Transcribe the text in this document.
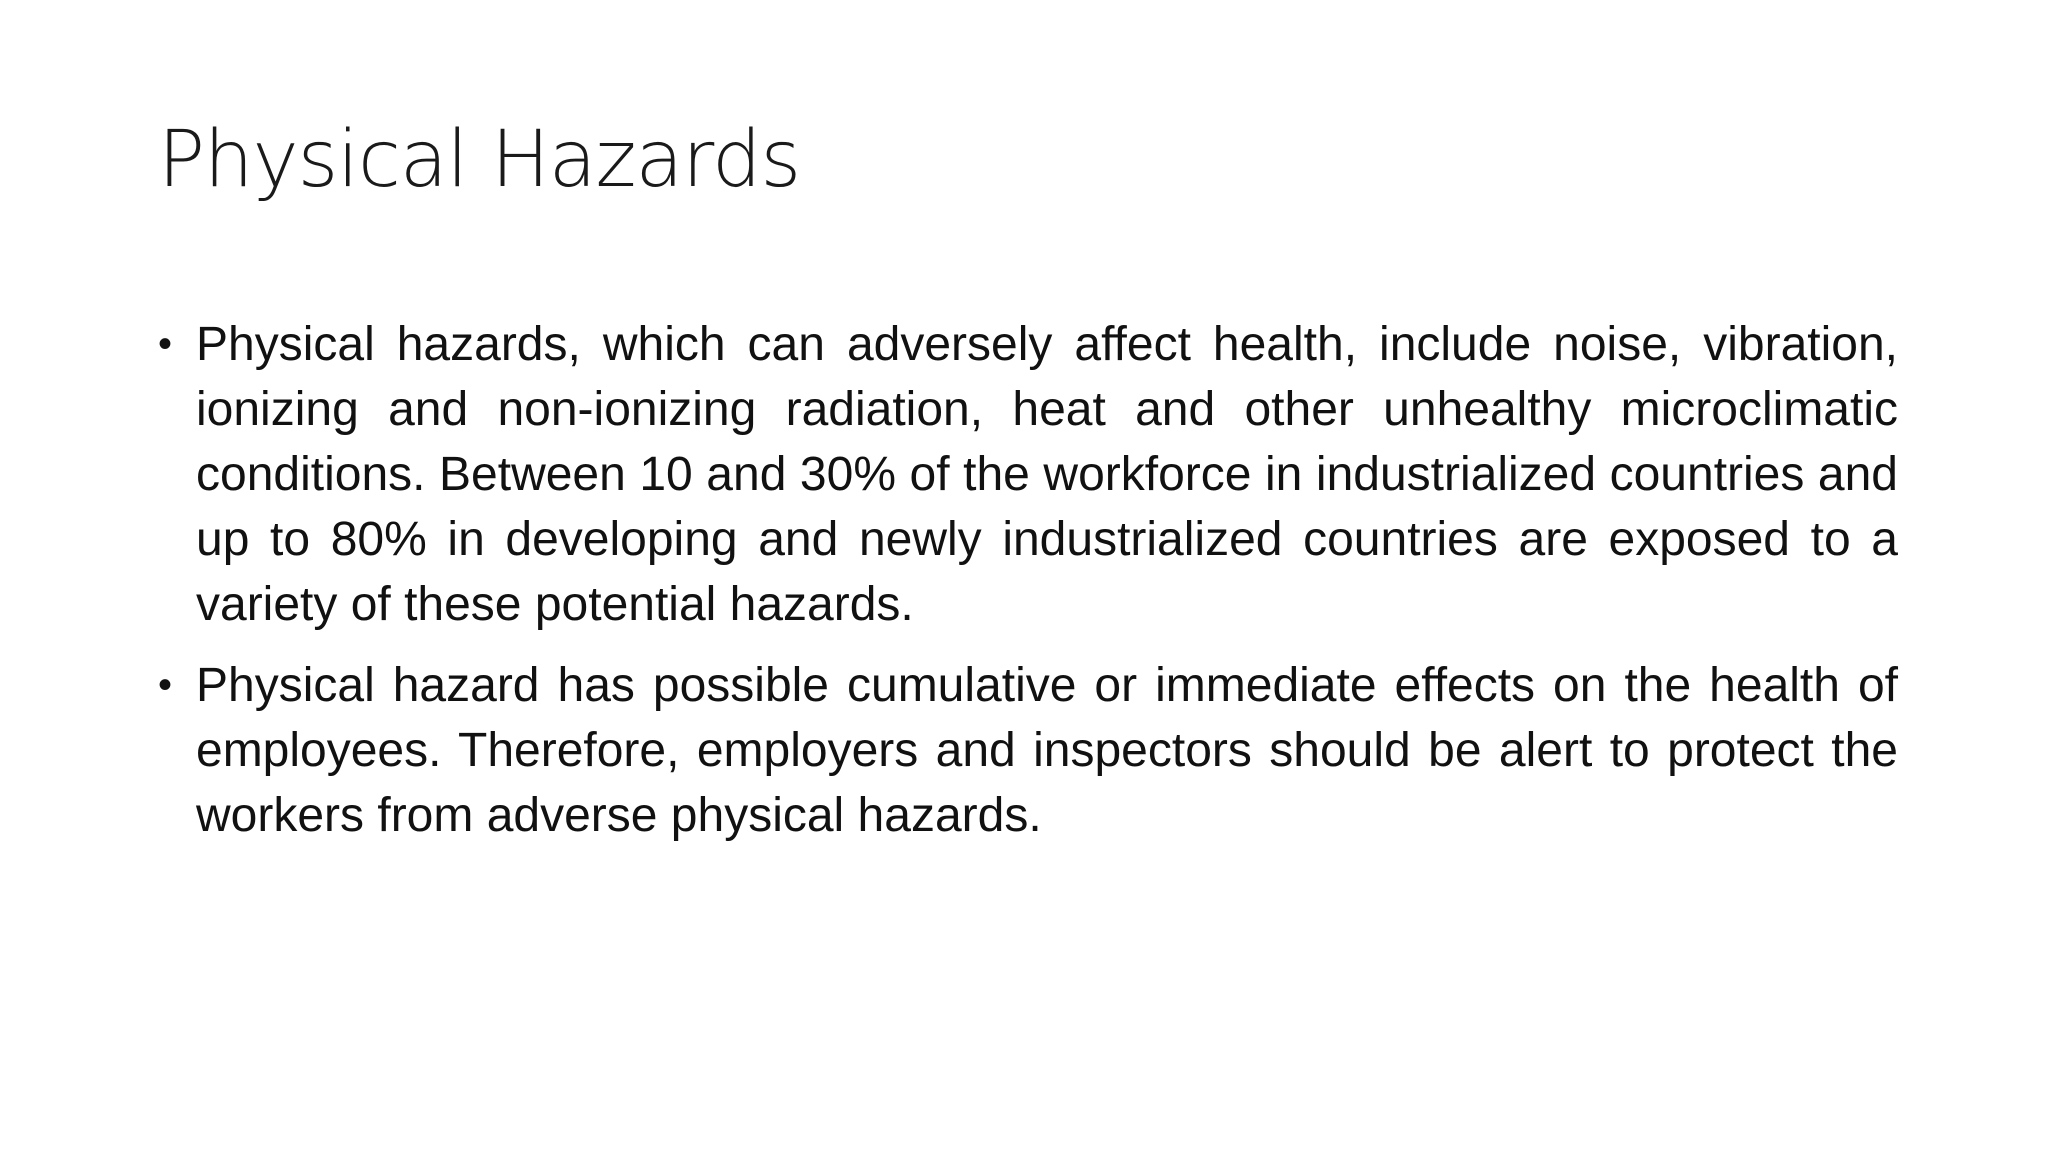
Physical Hazards
• Physical hazards, which can adversely affect health, include noise, vibration, ionizing and non-ionizing radiation, heat and other unhealthy microclimatic conditions. Between 10 and 30% of the workforce in industrialized countries and up to 80% in developing and newly industrialized countries are exposed to a variety of these potential hazards.
• Physical hazard has possible cumulative or immediate effects on the health of employees. Therefore, employers and inspectors should be alert to protect the workers from adverse physical hazards.
